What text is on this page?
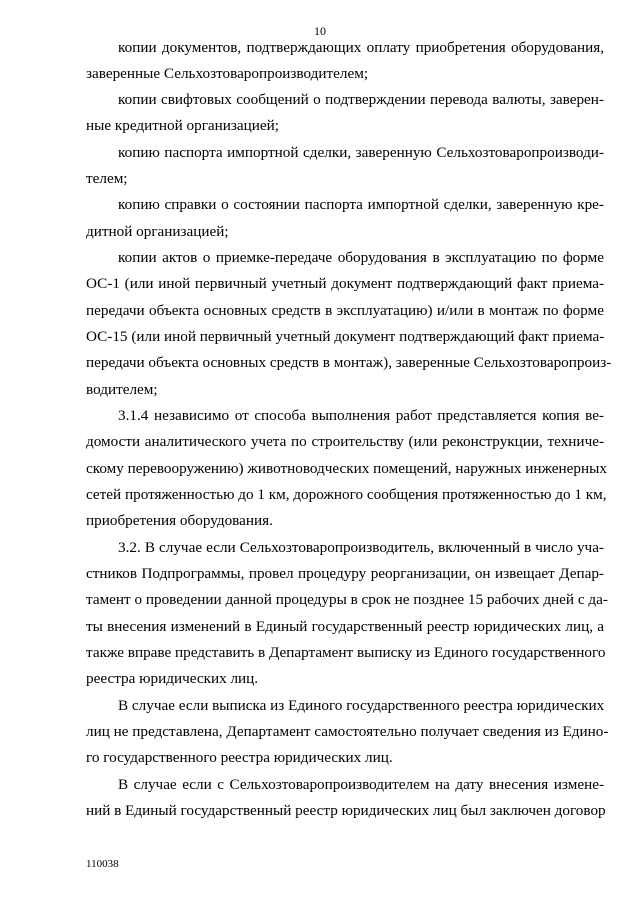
10
копии документов, подтверждающих оплату приобретения оборудования,
заверенные Сельхозтоваропроизводителем;
копии свифтовых сообщений о подтверждении перевода валюты, заверен-
ные кредитной организацией;
копию паспорта импортной сделки, заверенную Сельхозтоваропроизводи-
телем;
копию справки о состоянии паспорта импортной сделки, заверенную кре-
дитной организацией;
копии актов о приемке-передаче оборудования в эксплуатацию по форме
ОС-1 (или иной первичный учетный документ подтверждающий факт приема-
передачи объекта основных средств в эксплуатацию) и/или в монтаж по форме
ОС-15 (или иной первичный учетный документ подтверждающий факт приема-
передачи объекта основных средств в монтаж), заверенные Сельхозтоваропроиз-
водителем;
3.1.4 независимо от способа выполнения работ представляется копия ве-
домости аналитического учета по строительству (или реконструкции, техниче-
скому перевооружению) животноводческих помещений, наружных инженерных
сетей протяженностью до 1 км, дорожного сообщения протяженностью до 1 км,
приобретения оборудования.
3.2. В случае если Сельхозтоваропроизводитель, включенный в число уча-
стников Подпрограммы, провел процедуру реорганизации, он извещает Депар-
тамент о проведении данной процедуры в срок не позднее 15 рабочих дней с да-
ты внесения изменений в Единый государственный реестр юридических лиц, а
также вправе представить в Департамент выписку из Единого государственного
реестра юридических лиц.
В случае если выписка из Единого государственного реестра юридических
лиц не представлена, Департамент самостоятельно получает сведения из Едино-
го государственного реестра юридических лиц.
В случае если с Сельхозтоваропроизводителем на дату внесения измене-
ний в Единый государственный реестр юридических лиц был заключен договор
110038
